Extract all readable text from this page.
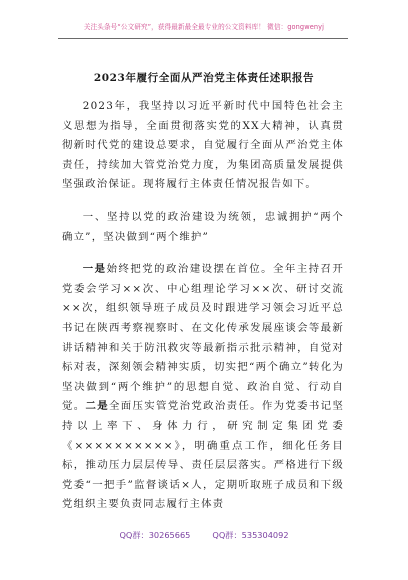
关注头条号“公文研究”，获得最新最全最专业的公文资料库！ 微信：gongwenyj
2023年履行全面从严治党主体责任述职报告

2023年，我坚持以习近平新时代中国特色社会主义思想为指导，全面贯彻落实党的XX大精神，认真贯彻新时代党的建设总要求，自觉履行全面从严治党主体责任，持续加大管党治党力度，为集团高质量发展提供坚强政治保证。现将履行主体责任情况报告如下。

一、坚持以党的政治建设为统领，忠诚拥护“两个确立”，坚决做到“两个维护”

一是始终把党的政治建设摆在首位。全年主持召开党委会学习××次、中心组理论学习××次、研讨交流××次，组织领导班子成员及时跟进学习领会习近平总书记在陕西考察视察时、在文化传承发展座谈会等最新讲话精神和关于防汛救灾等最新指示批示精神，自觉对标对表，深刻领会精神实质，切实把“两个确立”转化为坚决做到“两个维护”的思想自觉、政治自觉、行动自觉。二是全面压实管党治党政治责任。作为党委书记坚持以上率下、身体力行，研究制定集团党委《××××××××××》，明确重点工作，细化任务目标，推动压力层层传导、责任层层落实。严格进行下级党委“一把手”监督谈话×人，定期听取班子成员和下级党组织主要负责同志履行主体责

QQ群：30265665	QQ群：535304092
